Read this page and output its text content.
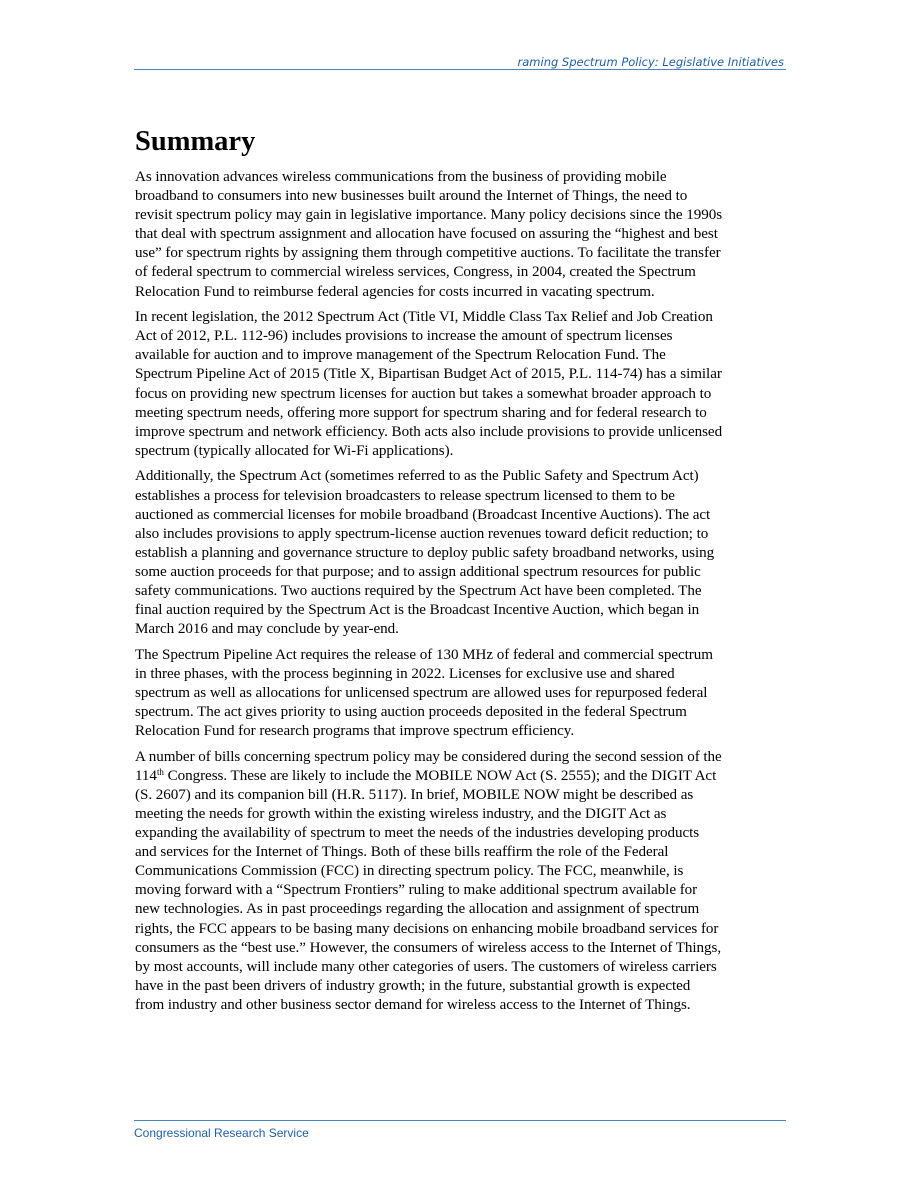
raming Spectrum Policy: Legislative Initiatives
Summary

As innovation advances wireless communications from the business of providing mobile
broadband to consumers into new businesses built around the Internet of Things, the need to
revisit spectrum policy may gain in legislative importance. Many policy decisions since the 1990s
that deal with spectrum assignment and allocation have focused on assuring the “highest and best
use” for spectrum rights by assigning them through competitive auctions. To facilitate the transfer
of federal spectrum to commercial wireless services, Congress, in 2004, created the Spectrum
Relocation Fund to reimburse federal agencies for costs incurred in vacating spectrum.

In recent legislation, the 2012 Spectrum Act (Title VI, Middle Class Tax Relief and Job Creation
Act of 2012, P.L. 112-96) includes provisions to increase the amount of spectrum licenses
available for auction and to improve management of the Spectrum Relocation Fund. The
Spectrum Pipeline Act of 2015 (Title X, Bipartisan Budget Act of 2015, P.L. 114-74) has a similar
focus on providing new spectrum licenses for auction but takes a somewhat broader approach to
meeting spectrum needs, offering more support for spectrum sharing and for federal research to
improve spectrum and network efficiency. Both acts also include provisions to provide unlicensed
spectrum (typically allocated for Wi-Fi applications).

Additionally, the Spectrum Act (sometimes referred to as the Public Safety and Spectrum Act)
establishes a process for television broadcasters to release spectrum licensed to them to be
auctioned as commercial licenses for mobile broadband (Broadcast Incentive Auctions). The act
also includes provisions to apply spectrum-license auction revenues toward deficit reduction; to
establish a planning and governance structure to deploy public safety broadband networks, using
some auction proceeds for that purpose; and to assign additional spectrum resources for public
safety communications. Two auctions required by the Spectrum Act have been completed. The
final auction required by the Spectrum Act is the Broadcast Incentive Auction, which began in
March 2016 and may conclude by year-end.

The Spectrum Pipeline Act requires the release of 130 MHz of federal and commercial spectrum
in three phases, with the process beginning in 2022. Licenses for exclusive use and shared
spectrum as well as allocations for unlicensed spectrum are allowed uses for repurposed federal
spectrum. The act gives priority to using auction proceeds deposited in the federal Spectrum
Relocation Fund for research programs that improve spectrum efficiency.

A number of bills concerning spectrum policy may be considered during the second session of the
114th Congress. These are likely to include the MOBILE NOW Act (S. 2555); and the DIGIT Act
(S. 2607) and its companion bill (H.R. 5117). In brief, MOBILE NOW might be described as
meeting the needs for growth within the existing wireless industry, and the DIGIT Act as
expanding the availability of spectrum to meet the needs of the industries developing products
and services for the Internet of Things. Both of these bills reaffirm the role of the Federal
Communications Commission (FCC) in directing spectrum policy. The FCC, meanwhile, is
moving forward with a “Spectrum Frontiers” ruling to make additional spectrum available for
new technologies. As in past proceedings regarding the allocation and assignment of spectrum
rights, the FCC appears to be basing many decisions on enhancing mobile broadband services for
consumers as the “best use.” However, the consumers of wireless access to the Internet of Things,
by most accounts, will include many other categories of users. The customers of wireless carriers
have in the past been drivers of industry growth; in the future, substantial growth is expected
from industry and other business sector demand for wireless access to the Internet of Things.

Congressional Research Service
